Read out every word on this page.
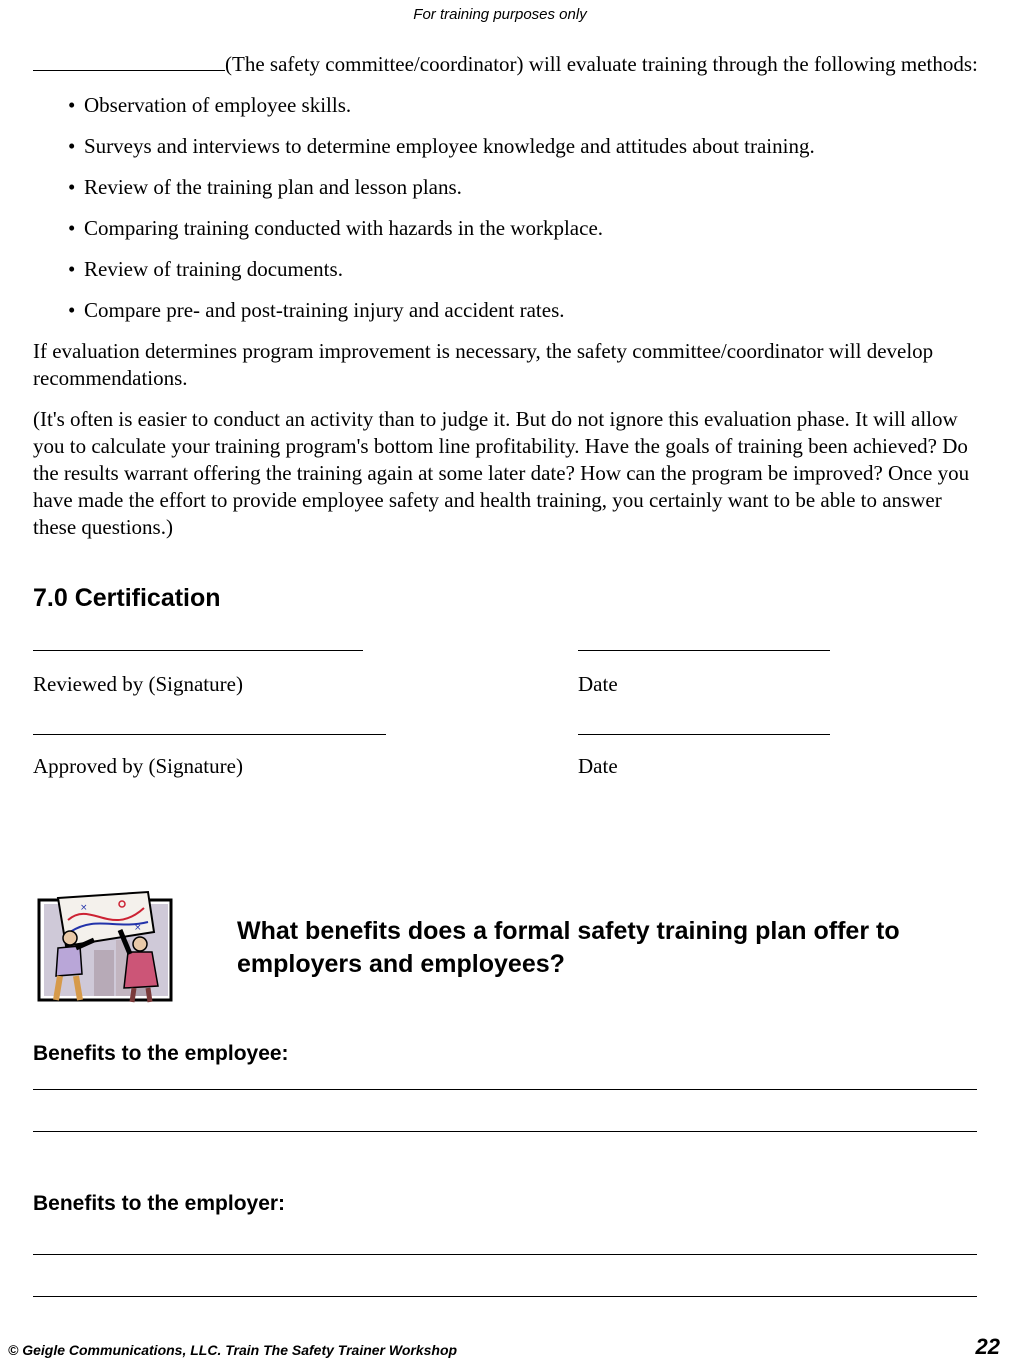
For training purposes only

(The safety committee/coordinator) will evaluate training through the following methods:

• Observation of employee skills.
• Surveys and interviews to determine employee knowledge and attitudes about training.
• Review of the training plan and lesson plans.
• Comparing training conducted with hazards in the workplace.
• Review of training documents.
• Compare pre- and post-training injury and accident rates.

If evaluation determines program improvement is necessary, the safety committee/coordinator will develop recommendations.

(It's often is easier to conduct an activity than to judge it. But do not ignore this evaluation phase. It will allow you to calculate your training program's bottom line profitability. Have the goals of training been achieved? Do the results warrant offering the training again at some later date? How can the program be improved? Once you have made the effort to provide employee safety and health training, you certainly want to be able to answer these questions.)

7.0 Certification
Reviewed by (Signature)	Date
Approved by (Signature)	Date
×
×	What benefits does a formal safety training plan offer to employers and employees?
Benefits to the employee:
Benefits to the employer:
© Geigle Communications, LLC. Train The Safety Trainer Workshop	22
